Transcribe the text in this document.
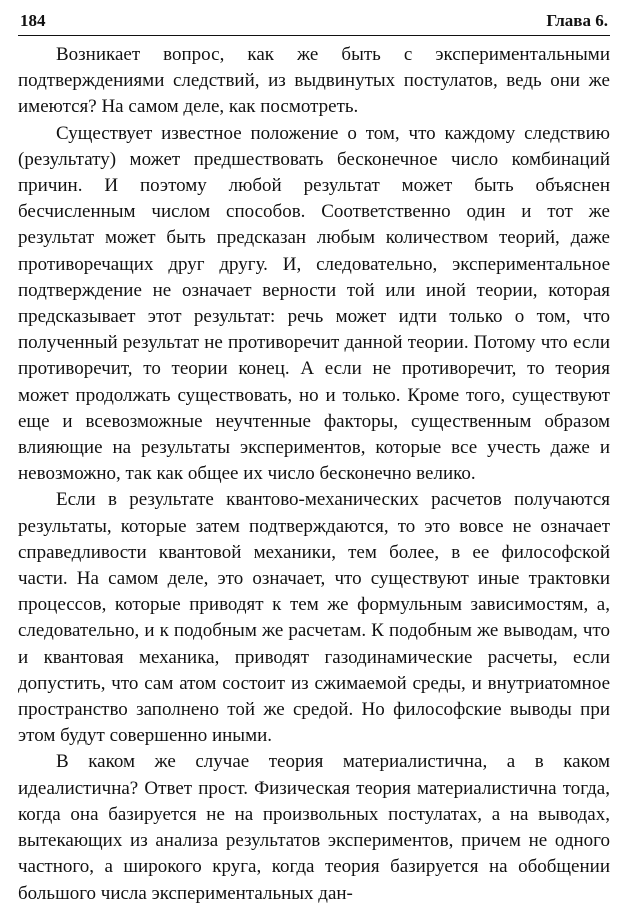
184	Глава 6.

Возникает вопрос, как же быть с экспериментальными подтверждениями следствий, из выдвинутых постулатов, ведь они же имеются? На самом деле, как посмотреть.

Существует известное положение о том, что каждому следствию (результату) может предшествовать бесконечное число комбинаций причин. И поэтому любой результат может быть объяснен бесчисленным числом способов. Соответственно один и тот же результат может быть предсказан любым количеством теорий, даже противоречащих друг другу. И, следовательно, экспериментальное подтверждение не означает верности той или иной теории, которая предсказывает этот результат: речь может идти только о том, что полученный результат не противоречит данной теории. Потому что если противоречит, то теории конец. А если не противоречит, то теория может продолжать существовать, но и только. Кроме того, существуют еще и всевозможные неучтенные факторы, существенным образом влияющие на результаты экспериментов, которые все учесть даже и невозможно, так как общее их число бесконечно велико.

Если в результате квантово-механических расчетов получаются результаты, которые затем подтверждаются, то это вовсе не означает справедливости квантовой механики, тем более, в ее философской части. На самом деле, это означает, что существуют иные трактовки процессов, которые приводят к тем же формульным зависимостям, а, следовательно, и к подобным же расчетам. К подобным же выводам, что и квантовая механика, приводят газодинамические расчеты, если допустить, что сам атом состоит из сжимаемой среды, и внутриатомное пространство заполнено той же средой. Но философские выводы при этом будут совершенно иными.

В каком же случае теория материалистична, а в каком идеалистична? Ответ прост. Физическая теория материалистична тогда, когда она базируется не на произвольных постулатах, а на выводах, вытекающих из анализа результатов экспериментов, причем не одного частного, а широкого круга, когда теория базируется на обобщении большого числа экспериментальных дан-
